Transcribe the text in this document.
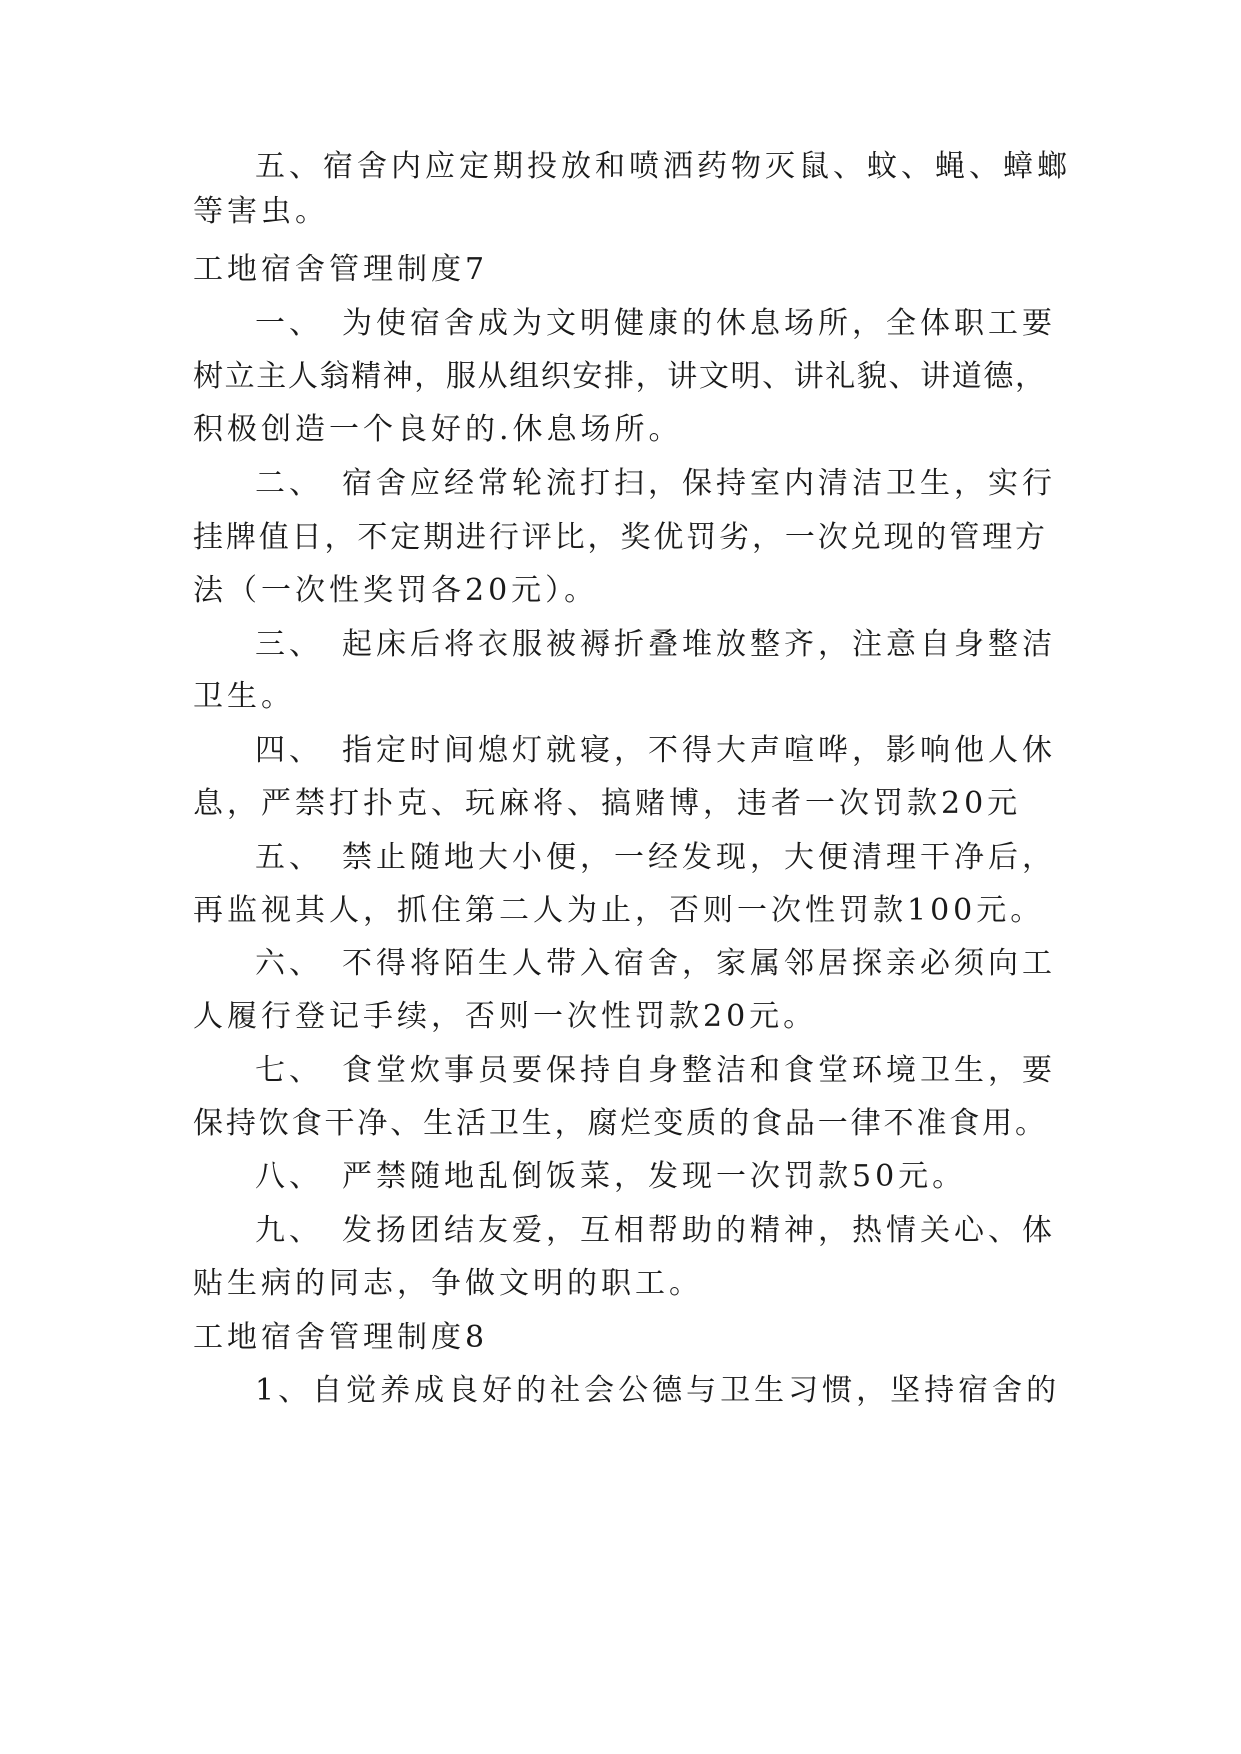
五、宿舍内应定期投放和喷洒药物灭鼠、蚊、蝇、蟑螂
等害虫。
工地宿舍管理制度7
一、　为使宿舍成为文明健康的休息场所，全体职工要
树立主人翁精神，服从组织安排，讲文明、讲礼貌、讲道德，
积极创造一个良好的.休息场所。
二、　宿舍应经常轮流打扫，保持室内清洁卫生，实行
挂牌值日，不定期进行评比，奖优罚劣，一次兑现的管理方
法（一次性奖罚各20元）。
三、　起床后将衣服被褥折叠堆放整齐，注意自身整洁
卫生。
四、　指定时间熄灯就寝，不得大声喧哗，影响他人休
息，严禁打扑克、玩麻将、搞赌博，违者一次罚款20元
五、　禁止随地大小便，一经发现，大便清理干净后，
再监视其人，抓住第二人为止，否则一次性罚款100元。
六、　不得将陌生人带入宿舍，家属邻居探亲必须向工
人履行登记手续，否则一次性罚款20元。
七、　食堂炊事员要保持自身整洁和食堂环境卫生，要
保持饮食干净、生活卫生，腐烂变质的食品一律不准食用。
八、　严禁随地乱倒饭菜，发现一次罚款50元。
九、　发扬团结友爱，互相帮助的精神，热情关心、体
贴生病的同志，争做文明的职工。
工地宿舍管理制度8
1、自觉养成良好的社会公德与卫生习惯，坚持宿舍的
